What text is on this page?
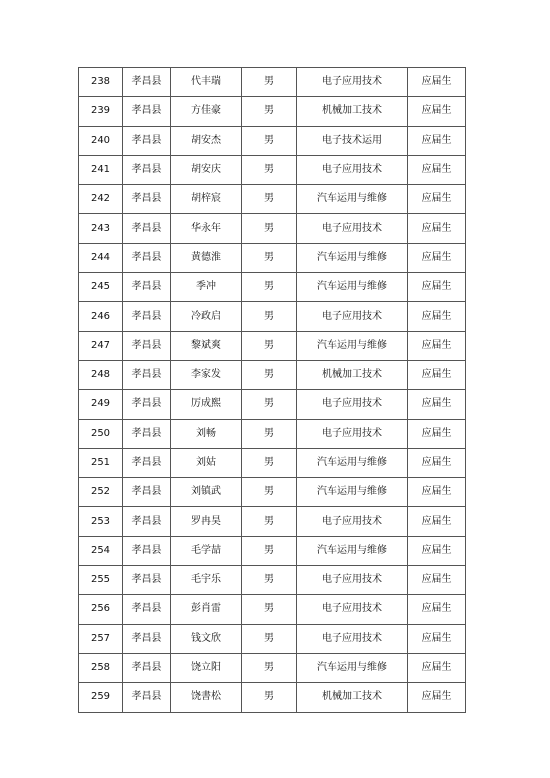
238	孝昌县	代丰瑞	男	电子应用技术	应届生
239	孝昌县	方佳豪	男	机械加工技术	应届生
240	孝昌县	胡安杰	男	电子技术运用	应届生
241	孝昌县	胡安庆	男	电子应用技术	应届生
242	孝昌县	胡梓宸	男	汽车运用与维修	应届生
243	孝昌县	华永年	男	电子应用技术	应届生
244	孝昌县	黄德淮	男	汽车运用与维修	应届生
245	孝昌县	季冲	男	汽车运用与维修	应届生
246	孝昌县	冷政启	男	电子应用技术	应届生
247	孝昌县	黎斌爽	男	汽车运用与维修	应届生
248	孝昌县	李家发	男	机械加工技术	应届生
249	孝昌县	厉成熙	男	电子应用技术	应届生
250	孝昌县	刘畅	男	电子应用技术	应届生
251	孝昌县	刘姑	男	汽车运用与维修	应届生
252	孝昌县	刘镇武	男	汽车运用与维修	应届生
253	孝昌县	罗冉昊	男	电子应用技术	应届生
254	孝昌县	毛学喆	男	汽车运用与维修	应届生
255	孝昌县	毛宇乐	男	电子应用技术	应届生
256	孝昌县	彭肖雷	男	电子应用技术	应届生
257	孝昌县	钱文欣	男	电子应用技术	应届生
258	孝昌县	饶立阳	男	汽车运用与维修	应届生
259	孝昌县	饶書松	男	机械加工技术	应届生
